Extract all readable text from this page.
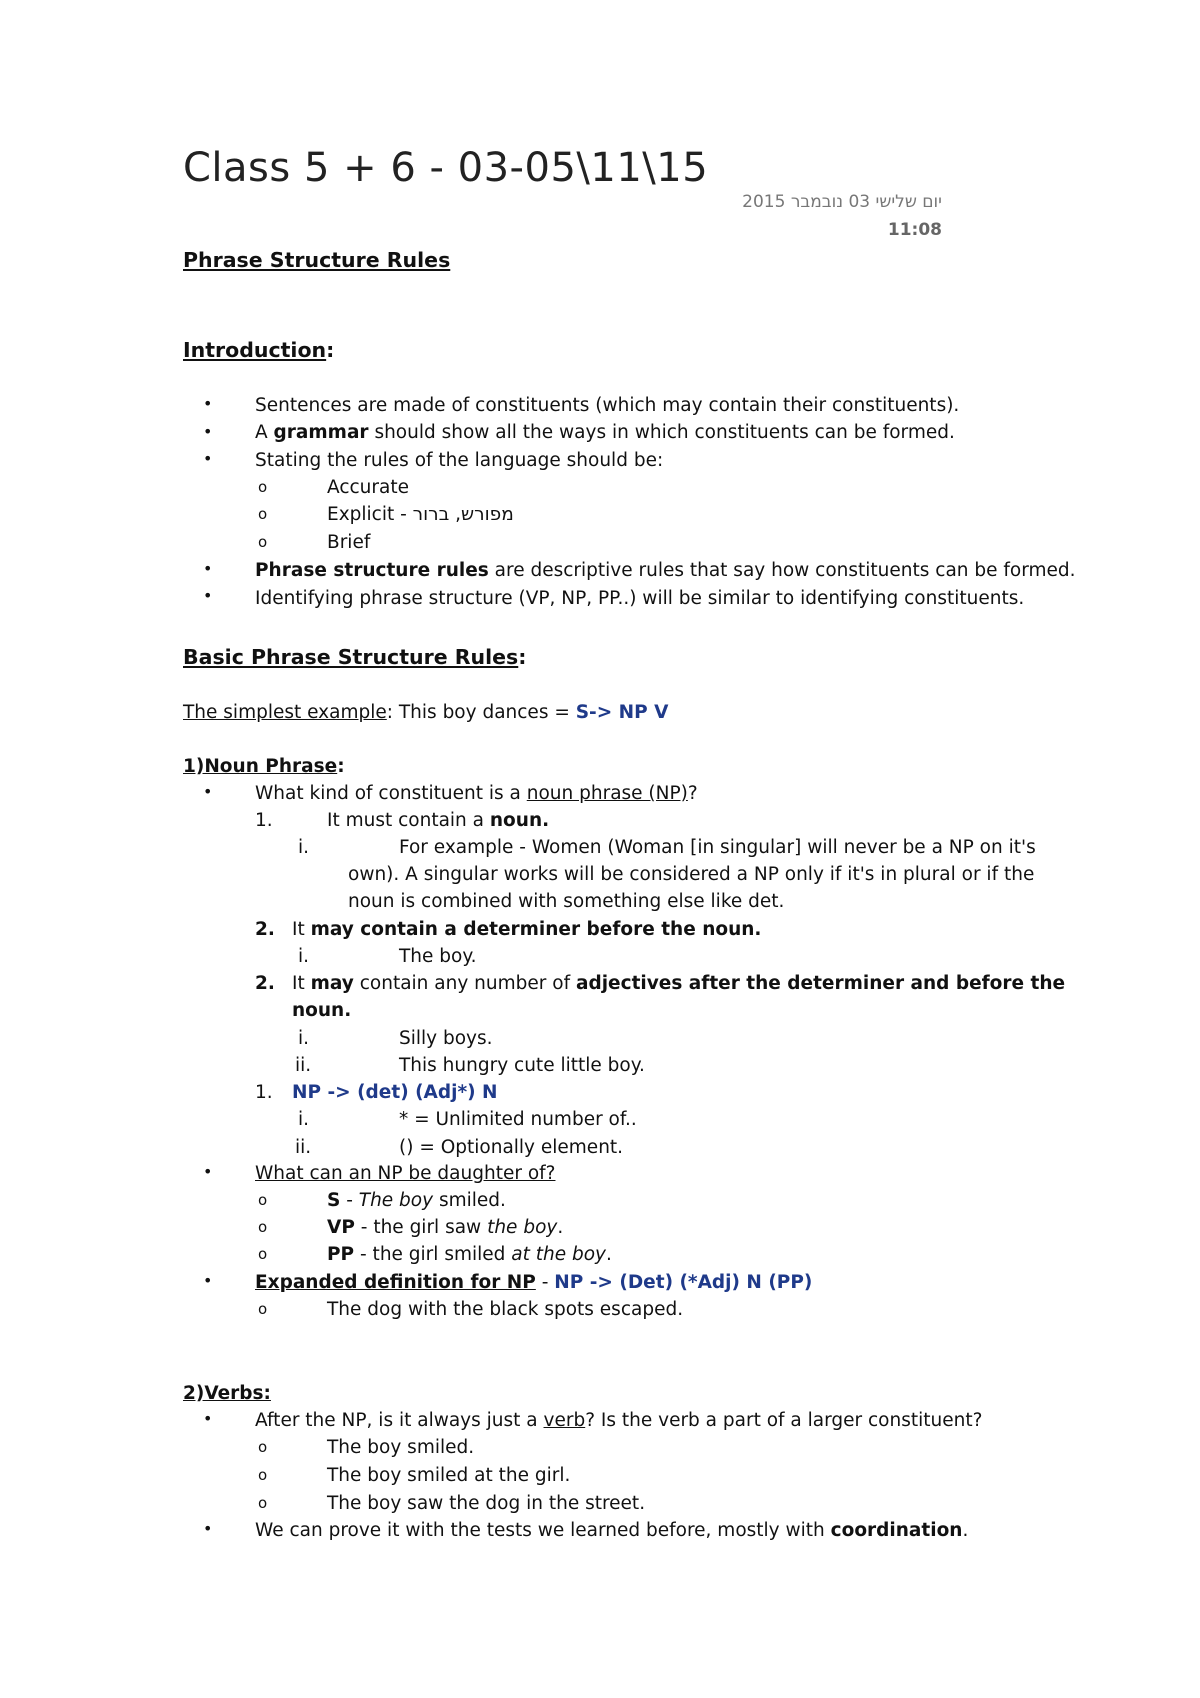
Class 5 + 6 - 03-05\11\15
יום שלישי 03 נובמבר 2015
11:08
Phrase Structure Rules
Introduction:
• Sentences are made of constituents (which may contain their constituents).
• A grammar should show all the ways in which constituents can be formed.
• Stating the rules of the language should be:
o	Accurate
o	Explicit - מפורש, ברור
o	Brief
• Phrase structure rules are descriptive rules that say how constituents can be formed.
• Identifying phrase structure (VP, NP, PP..) will be similar to identifying constituents.
Basic Phrase Structure Rules:
The simplest example: This boy dances = S-> NP V
1)Noun Phrase:
• What kind of constituent is a noun phrase (NP)?
1.	It must contain a noun.
i.	For example - Women (Woman [in singular] will never be a NP on it's
own). A singular works will be considered a NP only if it's in plural or if the
noun is combined with something else like det.
2. It may contain a determiner before the noun.
i.	The boy.
2. It may contain any number of adjectives after the determiner and before the
noun.
i.	Silly boys.
ii.	This hungry cute little boy.
1. NP -> (det) (Adj*) N
i.	* = Unlimited number of..
ii.	() = Optionally element.
• What can an NP be daughter of?
o	S - The boy smiled.
o	VP - the girl saw the boy.
o	PP - the girl smiled at the boy.
• Expanded definition for NP - NP -> (Det) (*Adj) N (PP)
o	The dog with the black spots escaped.
2)Verbs:
• After the NP, is it always just a verb? Is the verb a part of a larger constituent?
o	The boy smiled.
o	The boy smiled at the girl.
o	The boy saw the dog in the street.
• We can prove it with the tests we learned before, mostly with coordination.
